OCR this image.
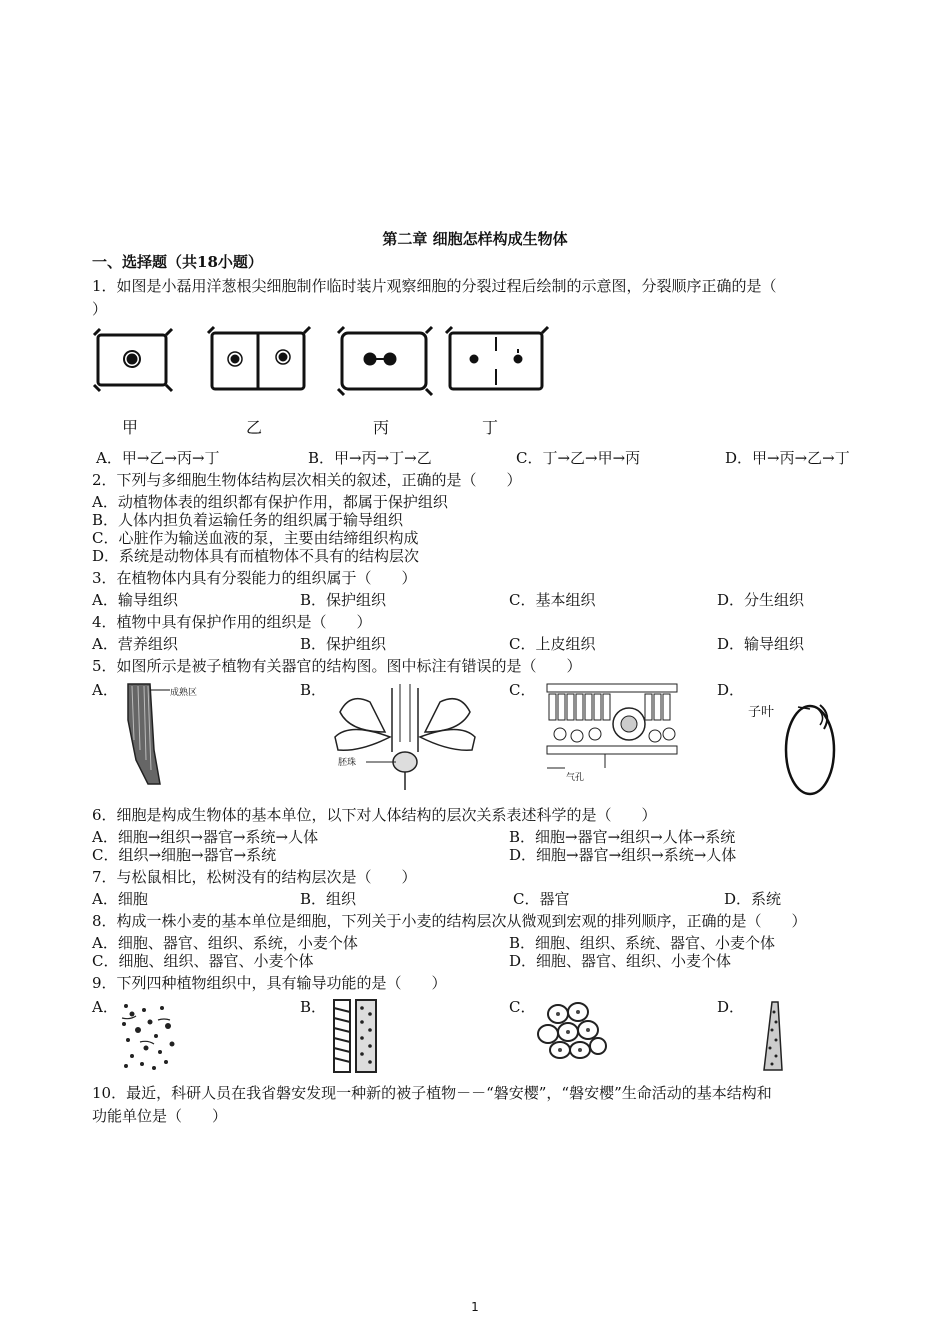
第二章 细胞怎样构成生物体
一、选择题（共18小题）
1．如图是小磊用洋葱根尖细胞制作临时装片观察细胞的分裂过程后绘制的示意图，分裂顺序正确的是（
）
甲	乙	丙	丁
A．甲→乙→丙→丁	B．甲→丙→丁→乙	C．丁→乙→甲→丙	D．甲→丙→乙→丁
2．下列与多细胞生物体结构层次相关的叙述，正确的是（　　）
A．动植物体表的组织都有保护作用，都属于保护组织
B．人体内担负着运输任务的组织属于输导组织
C．心脏作为输送血液的泵，主要由结缔组织构成
D．系统是动物体具有而植物体不具有的结构层次
3．在植物体内具有分裂能力的组织属于（　　）
A．输导组织	B．保护组织	C．基本组织	D．分生组织
4．植物中具有保护作用的组织是（　　）
A．营养组织	B．保护组织	C．上皮组织	D．输导组织
5．如图所示是被子植物有关器官的结构图。图中标注有错误的是（　　）
A．	B．	C．	D．
成熟区
胚珠
气孔
子叶
6．细胞是构成生物体的基本单位，以下对人体结构的层次关系表述科学的是（　　）
A．细胞→组织→器官→系统→人体	B．细胞→器官→组织→人体→系统
C．组织→细胞→器官→系统	D．细胞→器官→组织→系统→人体
7．与松鼠相比，松树没有的结构层次是（　　）
A．细胞	B．组织	C．器官	D．系统
8．构成一株小麦的基本单位是细胞，下列关于小麦的结构层次从微观到宏观的排列顺序，正确的是（　　）
A．细胞、器官、组织、系统，小麦个体	B．细胞、组织、系统、器官、小麦个体
C．细胞、组织、器官、小麦个体	D．细胞、器官、组织、小麦个体
9．下列四种植物组织中，具有输导功能的是（　　）
A．	B．	C．	D．
10．最近，科研人员在我省磐安发现一种新的被子植物－－“磐安樱”，“磐安樱”生命活动的基本结构和
功能单位是（　　）
1
